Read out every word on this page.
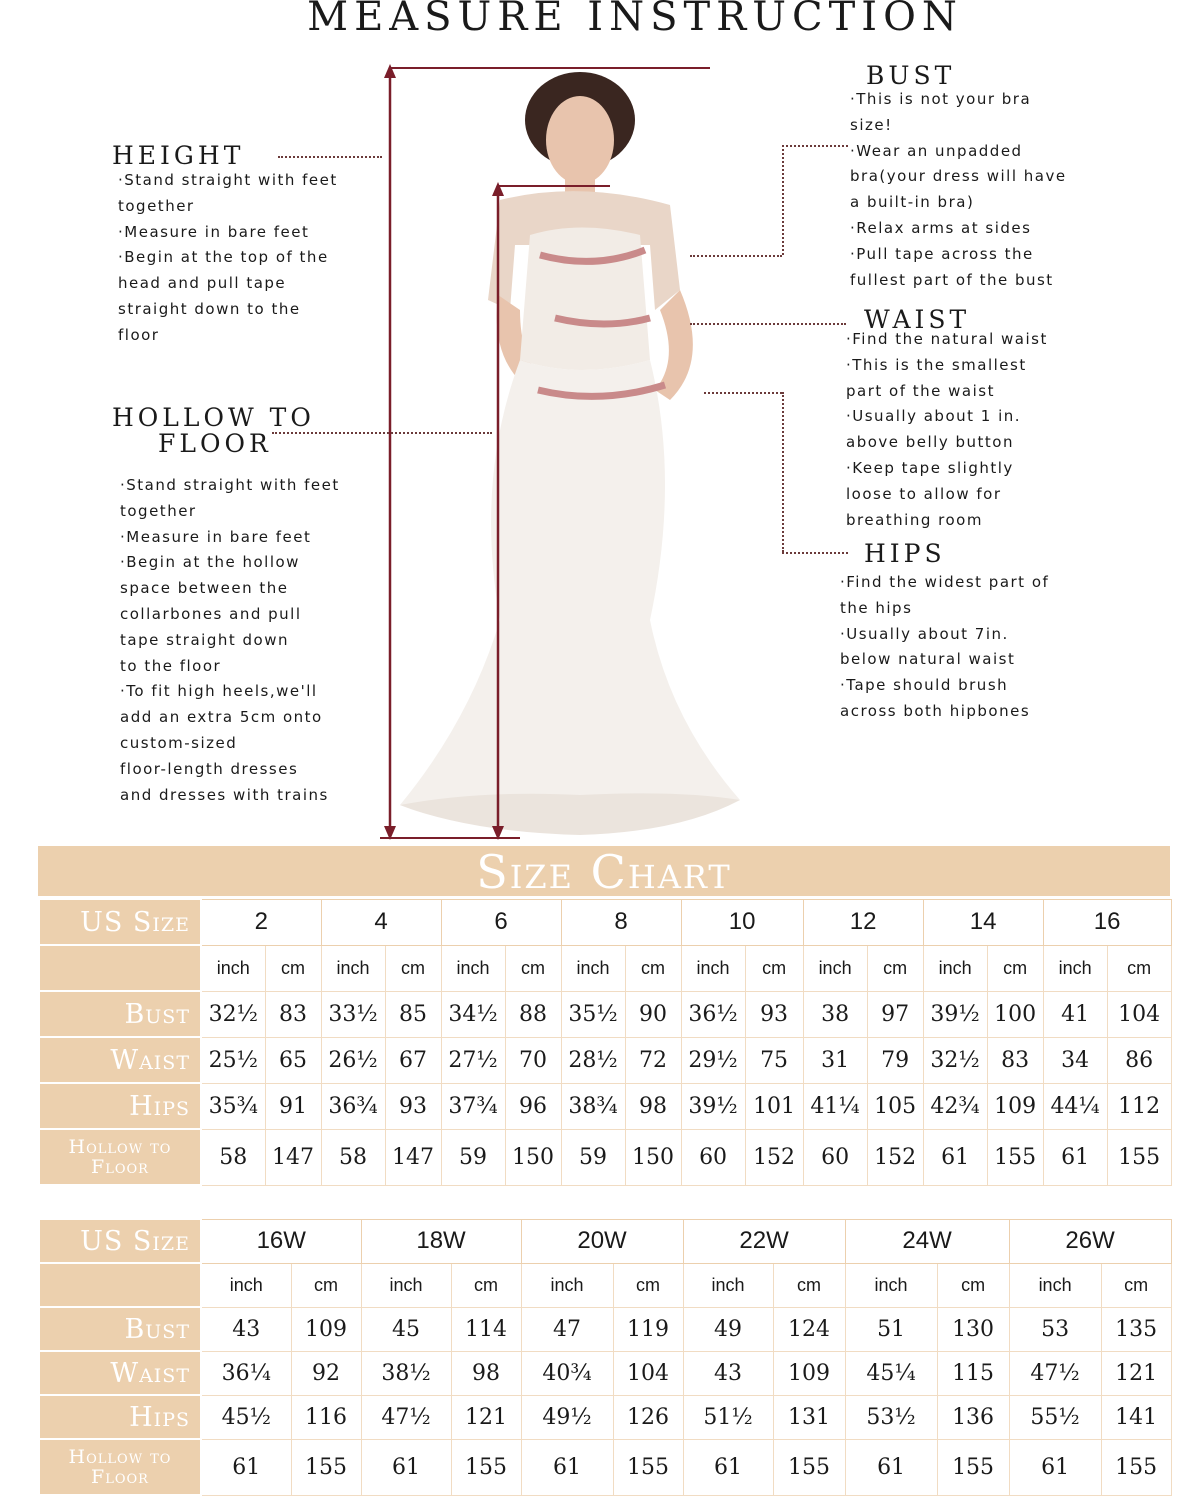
MEASURE INSTRUCTION
HEIGHT
·Stand straight with feet
together
·Measure in bare feet
·Begin at the top of the
head and pull tape
straight down to the
floor
HOLLOW TO
FLOOR
·Stand straight with feet
together
·Measure in bare feet
·Begin at the hollow
space between the
collarbones and pull
tape straight down
to the floor
·To fit high heels,we'll
add an extra 5cm onto
custom-sized
floor-length dresses
and dresses with trains
BUST
·This is not your bra
size!
·Wear an unpadded
bra(your dress will have
a built-in bra)
·Relax arms at sides
·Pull tape across the
fullest part of the bust
WAIST
·Find the natural waist
·This is the smallest
part of the waist
·Usually about 1 in.
above belly button
·Keep tape slightly
loose to allow for
breathing room
HIPS
·Find the widest part of
the hips
·Usually about 7in.
below natural waist
·Tape should brush
across both hipbones
Size Chart
US Size	2		4		6		8		10		12		14		16	
	inch	cm	inch	cm	inch	cm	inch	cm	inch	cm	inch	cm	inch	cm	inch	cm
Bust	32½	83	33½	85	34½	88	35½	90	36½	93	38	97	39½	100	41	104
Waist	25½	65	26½	67	27½	70	28½	72	29½	75	31	79	32½	83	34	86
Hips	35¾	91	36¾	93	37¾	96	38¾	98	39½	101	41¼	105	42¾	109	44¼	112

Hollow to
Floor	58	147	58	147	59	150	59	150	60	152	60	152	61	155	61	155
US Size	16W		18W		20W		22W		24W		26W	
	inch	cm	inch	cm	inch	cm	inch	cm	inch	cm	inch	cm
Bust	43	109	45	114	47	119	49	124	51	130	53	135
Waist	36¼	92	38½	98	40¾	104	43	109	45¼	115	47½	121
Hips	45½	116	47½	121	49½	126	51½	131	53½	136	55½	141

Hollow to
Floor	61	155	61	155	61	155	61	155	61	155	61	155
